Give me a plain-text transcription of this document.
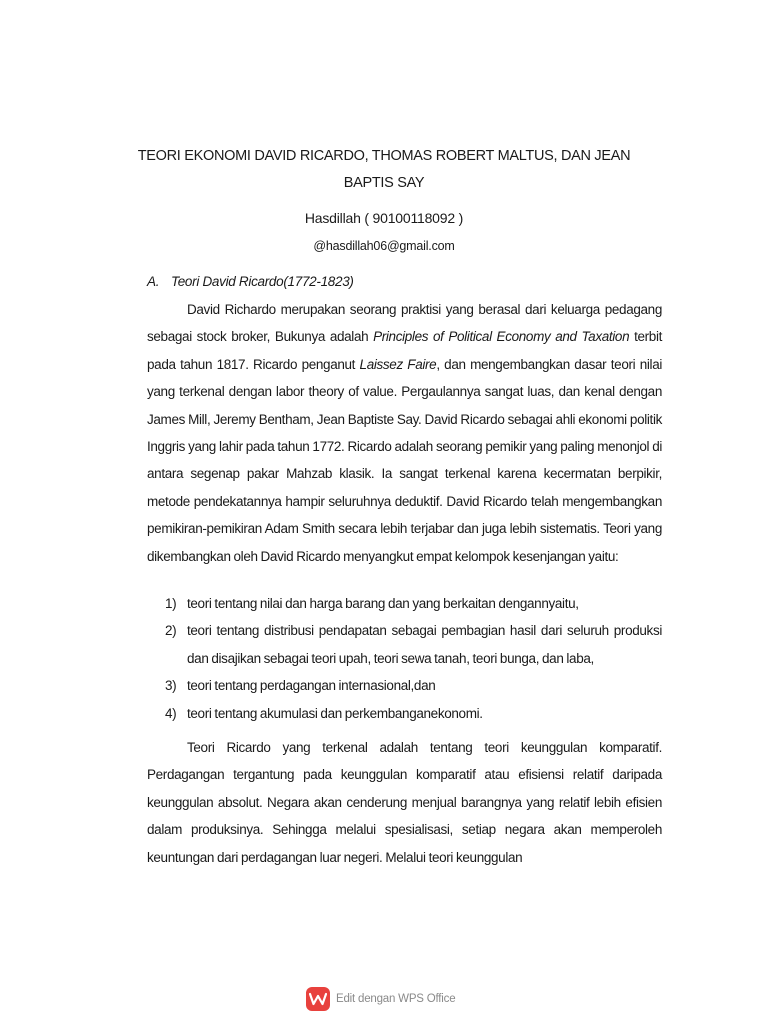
TEORI EKONOMI DAVID RICARDO, THOMAS ROBERT MALTUS, DAN JEAN
BAPTIS SAY
Hasdillah ( 90100118092 )
@hasdillah06@gmail.com
A. Teori David Ricardo(1772-1823)
David Richardo merupakan seorang praktisi yang berasal dari keluarga pedagang sebagai stock broker, Bukunya adalah Principles of Political Economy and Taxation terbit pada tahun 1817. Ricardo penganut Laissez Faire, dan mengembangkan dasar teori nilai yang terkenal dengan labor theory of value. Pergaulannya sangat luas, dan kenal dengan James Mill, Jeremy Bentham, Jean Baptiste Say. David Ricardo sebagai ahli ekonomi politik Inggris yang lahir pada tahun 1772. Ricardo adalah seorang pemikir yang paling menonjol di antara segenap pakar Mahzab klasik. Ia sangat terkenal karena kecermatan berpikir, metode pendekatannya hampir seluruhnya deduktif. David Ricardo telah mengembangkan pemikiran-pemikiran Adam Smith secara lebih terjabar dan juga lebih sistematis. Teori yang dikembangkan oleh David Ricardo menyangkut empat kelompok kesenjangan yaitu:
1) teori tentang nilai dan harga barang dan yang berkaitan dengannyaitu,
2) teori tentang distribusi pendapatan sebagai pembagian hasil dari seluruh produksi dan disajikan sebagai teori upah, teori sewa tanah, teori bunga, dan laba,
3) teori tentang perdagangan internasional,dan
4) teori tentang akumulasi dan perkembanganekonomi.
Teori Ricardo yang terkenal adalah tentang teori keunggulan komparatif. Perdagangan tergantung pada keunggulan komparatif atau efisiensi relatif daripada keunggulan absolut. Negara akan cenderung menjual barangnya yang relatif lebih efisien dalam produksinya. Sehingga melalui spesialisasi, setiap negara akan memperoleh keuntungan dari perdagangan luar negeri. Melalui teori keunggulan
Edit dengan WPS Office
